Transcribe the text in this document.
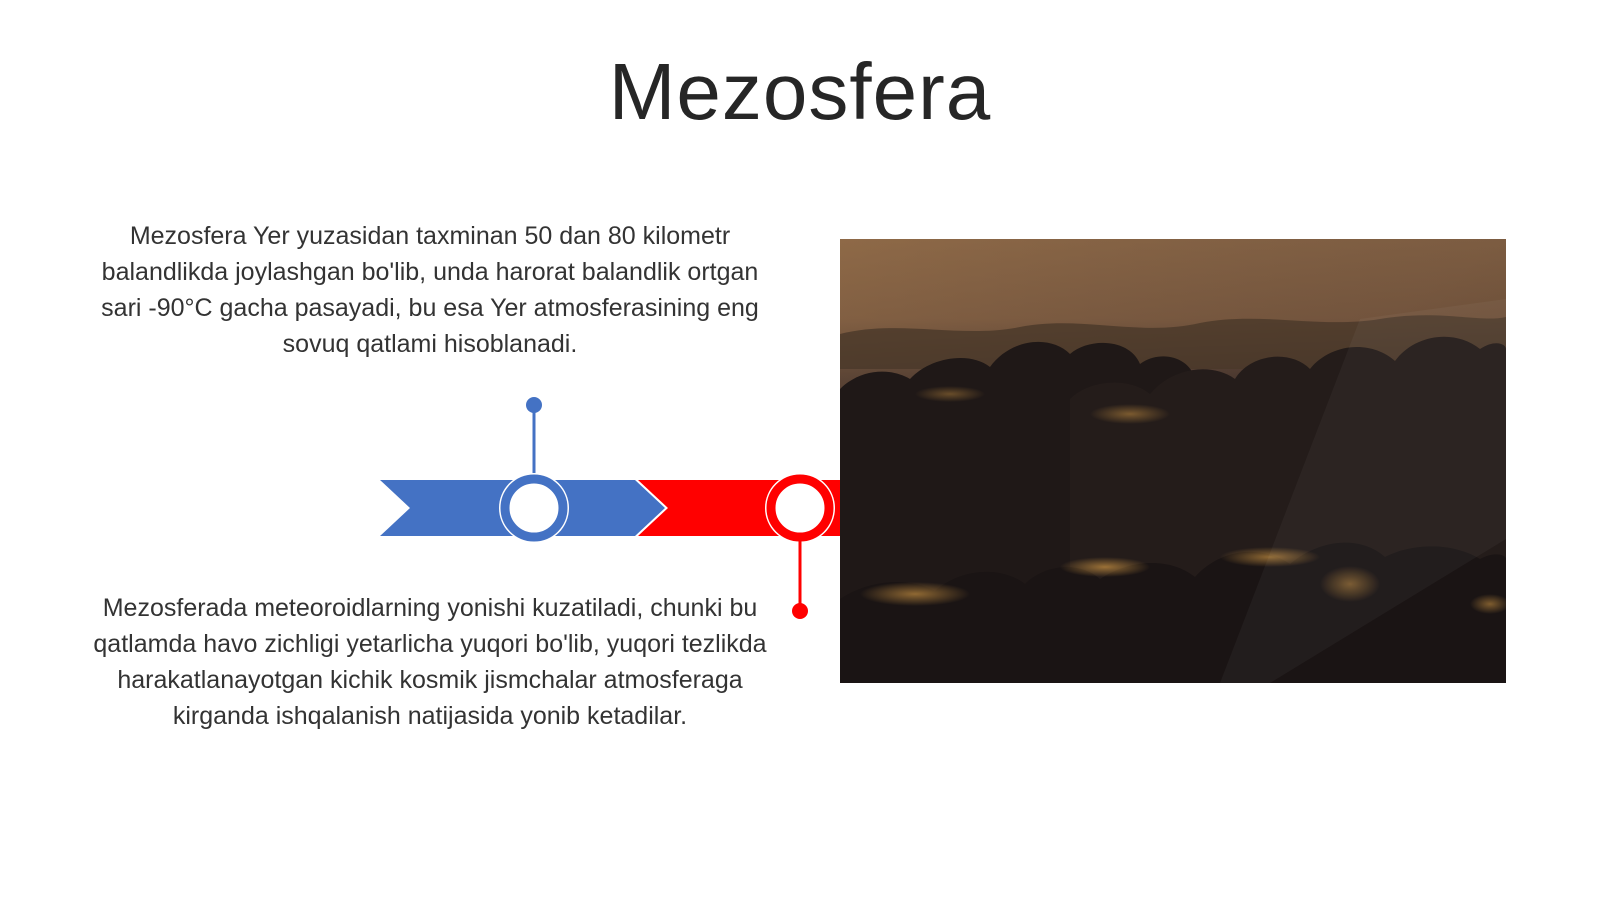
Mezosfera
Mezosfera Yer yuzasidan taxminan 50 dan 80 kilometr balandlikda joylashgan bo'lib, unda harorat balandlik ortgan sari -90°C gacha pasayadi, bu esa Yer atmosferasining eng sovuq qatlami hisoblanadi.
Mezosferada meteoroidlarning yonishi kuzatiladi, chunki bu qatlamda havo zichligi yetarlicha yuqori bo'lib, yuqori tezlikda harakatlanayotgan kichik kosmik jismchalar atmosferaga kirganda ishqalanish natijasida yonib ketadilar.
